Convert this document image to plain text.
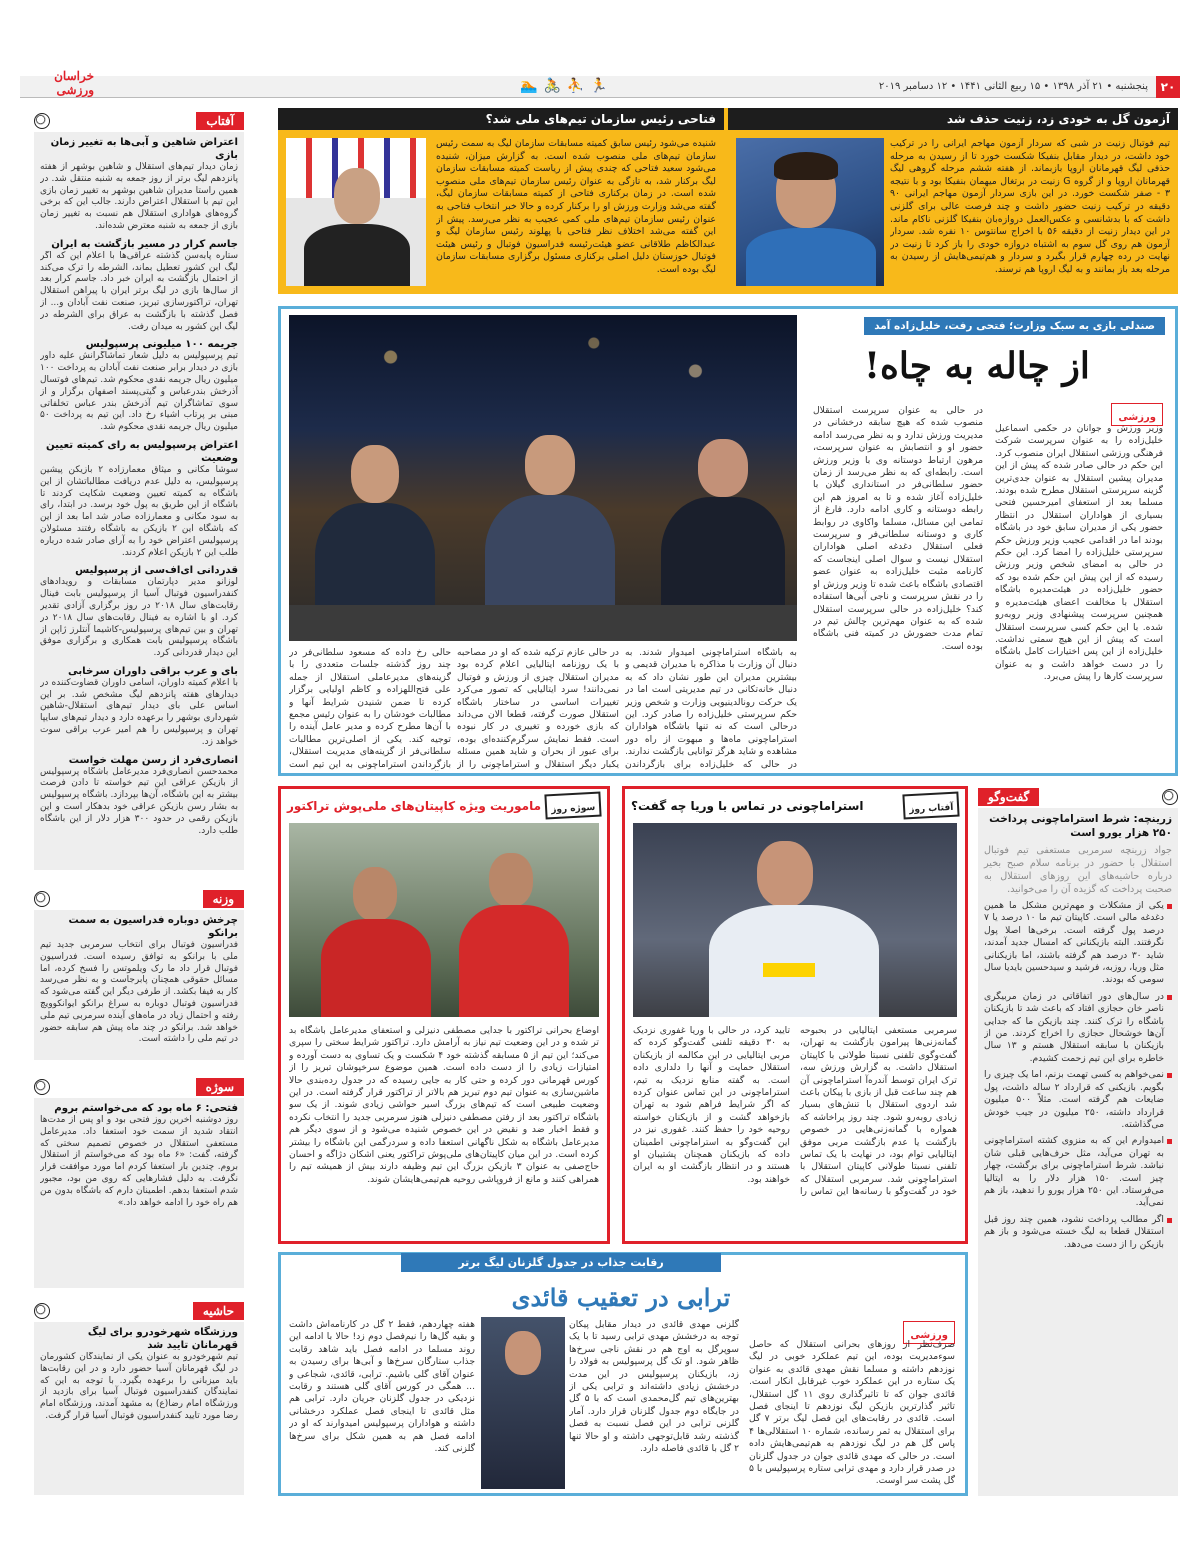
۲۰
پنجشنبه • ۲۱ آذر ۱۳۹۸ • ۱۵ ربیع الثانی ۱۴۴۱ • ۱۲ دسامبر ۲۰۱۹
🏃
⛹
🚴
🏊
خراسان ورزشی
آفتاب
اعتراض شاهین و آبی‌ها به تغییر زمان بازی
زمان دیدار تیم‌های استقلال و شاهین بوشهر از هفته پانزدهم لیگ برتر از روز جمعه به شنبه منتقل شد. در همین راستا مدیران شاهین بوشهر به تغییر زمان بازی این تیم با استقلال اعتراض دارند. جالب این که برخی گروه‌های هواداری استقلال هم نسبت به تغییر زمان بازی از جمعه به شنبه معترض شده‌اند.
جاسم کرار در مسیر بازگشت به ایران
ستاره پابه‌سن گذشته عراقی‌ها با اعلام این که اگر لیگ این کشور تعطیل بماند، الشرطه را ترک می‌کند از احتمال بازگشت به ایران خبر داد. جاسم کرار بعد از سال‌ها بازی در لیگ برتر ایران با پیراهن استقلال تهران، تراکتورسازی تبریز، صنعت نفت آبادان و... از فصل گذشته با بازگشت به عراق برای الشرطه در لیگ این کشور به میدان رفت.
جریمه ۱۰۰ میلیونی پرسپولیس
تیم پرسپولیس به دلیل شعار تماشاگرانش علیه داور بازی در دیدار برابر صنعت نفت آبادان به پرداخت ۱۰۰ میلیون ریال جریمه نقدی محکوم شد. تیم‌های فوتسال آذرخش بندرعباس و گیتی‌پسند اصفهان برگزار و از سوی تماشاگران تیم آذرخش بندر عباس تخلفاتی مبنی بر پرتاب اشیاء رخ داد. این تیم به پرداخت ۵۰ میلیون ریال جریمه نقدی محکوم شد.
اعتراض پرسپولیس به رای کمیته تعیین وضعیت
سوشا مکانی و میثاق معمارزاده ۲ بازیکن پیشین پرسپولیس، به دلیل عدم دریافت مطالباتشان از این باشگاه به کمیته تعیین وضعیت شکایت کردند تا باشگاه از این طریق به پول خود برسد. در ابتدا، رای به سود مکانی و معمارزاده صادر شد اما بعد از این که باشگاه این ۲ بازیکن به باشگاه رفتند مسئولان پرسپولیس اعتراض خود را به آرای صادر شده درباره طلب این ۲ بازیکن اعلام کردند.
قدردانی ای‌اف‌سی از پرسپولیس
لوزانو مدیر دپارتمان مسابقات و رویدادهای کنفدراسیون فوتبال آسیا از پرسپولیس بابت فینال رقابت‌های سال ۲۰۱۸ در روز برگزاری آزادی تقدیر کرد. او با اشاره به فینال رقابت‌های سال ۲۰۱۸ در تهران و بین تیم‌های پرسپولیس-کاشیما آنتلرز ژاپن از باشگاه پرسپولیس بابت همکاری و برگزاری موفق این دیدار قدردانی کرد.
بای و عرب براقی داوران سرخابی
با اعلام کمیته داوران، اسامی داوران قضاوت‌کننده در دیدارهای هفته پانزدهم لیگ مشخص شد. بر این اساس علی بای دیدار تیم‌های استقلال-شاهین شهرداری بوشهر را برعهده دارد و دیدار تیم‌های سایپا تهران و پرسپولیس را هم امیر عرب براقی سوت خواهد زد.
انصاری‌فرد از رسن مهلت خواست
محمدحسن انصاری‌فرد مدیرعامل باشگاه پرسپولیس از بازیکن عراقی این تیم خواسته تا دادن فرصت بیشتر به این باشگاه، آن‌ها بپردازد. باشگاه پرسپولیس به بشار رسن بازیکن عراقی خود بدهکار است و این بازیکن رقمی در حدود ۳۰۰ هزار دلار از این باشگاه طلب دارد.
وزنه
چرخش دوباره فدراسیون به سمت برانکو
فدراسیون فوتبال برای انتخاب سرمربی جدید تیم ملی با برانکو به توافق رسیده است. فدراسیون فوتبال قرار داد ما رک ویلموتس را فسخ کرده، اما مسائل حقوقی همچنان پابرجاست و به نظر می‌رسد کار به فیفا بکشد. از طرفی دیگر این گفته می‌شود که فدراسیون فوتبال دوباره به سراغ برانکو ایوانکوویچ رفته و احتمال زیاد در ماه‌های آینده سرمربی تیم ملی خواهد شد. برانکو در چند ماه پیش هم سابقه حضور در تیم ملی را داشته است.
سوژه
فتحی: ۶ ماه بود که می‌خواستم بروم
روز دوشنبه آخرین روز فتحی بود و او پس از مدت‌ها انتقاد شدید از سمت خود استعفا داد. مدیرعامل مستعفی استقلال در خصوص تصمیم سختی که گرفته، گفت: «۶ ماه بود که می‌خواستم از استقلال بروم. چندین بار استعفا کردم اما مورد موافقت قرار نگرفت. به دلیل فشارهایی که روی من بود، مجبور شدم استعفا بدهم. اطمینان دارم که باشگاه بدون من هم راه خود را ادامه خواهد داد.»
حاشیه
ورزشگاه شهرخودرو برای لیگ قهرمانان تایید شد
تیم شهرخودرو به عنوان یکی از نمایندگان کشورمان در لیگ قهرمانان آسیا حضور دارد و در این رقابت‌ها باید میزبانی را برعهده بگیرد. با توجه به این که نمایندگان کنفدراسیون فوتبال آسیا برای بازدید از ورزشگاه امام رضا(ع) به مشهد آمدند، ورزشگاه امام رضا مورد تایید کنفدراسیون فوتبال آسیا قرار گرفت.
آزمون گل به خودی زد، زنیت حذف شد
تیم فوتبال زنیت در شبی که سردار آزمون مهاجم ایرانی را در ترکیب خود داشت، در دیدار مقابل بنفیکا شکست خورد تا از رسیدن به مرحله حذفی لیگ قهرمانان اروپا بازبماند. از هفته ششم مرحله گروهی لیگ قهرمانان اروپا و از گروه G زنیت در برتغال میهمان بنفیکا بود و با نتیجه ۳ - صفر شکست خورد. در این بازی سردار آزمون مهاجم ایرانی ۹۰ دقیقه در ترکیب زنیت حضور داشت و چند فرصت عالی برای گلزنی داشت که با بدشانسی و عکس‌العمل دروازه‌بان بنفیکا گلزنی ناکام ماند. در این دیدار زنیت از دقیقه ۵۶ با اخراج سانتوس ۱۰ نفره شد. سردار آزمون هم روی گل سوم به اشتباه دروازه خودی را باز کرد تا زنیت در نهایت در رده چهارم قرار بگیرد و سردار و هم‌تیمی‌هایش از رسیدن به مرحله بعد باز بمانند و به لیگ اروپا هم نرسند.
فتاحی رئیس سازمان تیم‌های ملی شد؟
شنیده می‌شود رئیس سابق کمیته مسابقات سازمان لیگ به سمت رئیس سازمان تیم‌های ملی منصوب شده است. به گزارش میزان، شنیده می‌شود سعید فتاحی که چندی پیش از ریاست کمیته مسابقات سازمان لیگ برکنار شد، به تازگی به عنوان رئیس سازمان تیم‌های ملی منصوب شده است. در زمان برکناری فتاحی از کمیته مسابقات سازمان لیگ، گفته می‌شد وزارت ورزش او را برکنار کرده و حالا خبر انتخاب فتاحی به عنوان رئیس سازمان تیم‌های ملی کمی عجیب به نظر می‌رسد. پیش از این گفته می‌شد اختلاف نظر فتاحی با پهلوند رئیس سازمان لیگ و عبدالکاظم طلاقانی عضو هیئت‌رئیسه فدراسیون فوتبال و رئیس هیئت فوتبال خوزستان دلیل اصلی برکناری مسئول برگزاری مسابقات سازمان لیگ بوده است.
صندلی بازی به سبک وزارت؛ فتحی رفت، خلیل‌زاده آمد
از چاله به چاه!
ورزشی
وزیر ورزش و جوانان در حکمی اسماعیل خلیل‌زاده را به عنوان سرپرست شرکت فرهنگی ورزشی استقلال ایران منصوب کرد. این حکم در حالی صادر شده که پیش از این مدیران پیشین استقلال به عنوان جدی‌ترین گزینه سرپرستی استقلال مطرح شده بودند. مسلما بعد از استعفای امیرحسین فتحی بسیاری از هواداران استقلال در انتظار حضور یکی از مدیران سابق خود در باشگاه بودند اما در اقدامی عجیب وزیر ورزش حکم سرپرستی خلیل‌زاده را امضا کرد. این حکم در حالی به امضای شخص وزیر ورزش رسیده که از این پیش این حکم شده بود که حضور خلیل‌زاده در هیئت‌مدیره باشگاه استقلال با مخالفت اعضای هیئت‌مدیره و همچنین سرپرست پیشنهادی وزیر روبه‌رو شده. با این حکم کسی سرپرست استقلال است که پیش از این هیچ سمتی نداشت. خلیل‌زاده از این پس اختیارات کامل باشگاه را در دست خواهد داشت و به عنوان سرپرست کارها را پیش می‌برد.
در حالی به عنوان سرپرست استقلال منصوب شده که هیچ سابقه درخشانی در مدیریت ورزش ندارد و به نظر می‌رسد ادامه حضور او و انتصابش به عنوان سرپرست، مرهون ارتباط دوستانه وی با وزیر ورزش است. رابطه‌ای که به نظر می‌رسد از زمان حضور سلطانی‌فر در استانداری گیلان با خلیل‌زاده آغاز شده و تا به امروز هم این رابطه دوستانه و کاری ادامه دارد. فارغ از تمامی این مسائل، مسلما واکاوی در روابط کاری و دوستانه سلطانی‌فر و سرپرست فعلی استقلال دغدغه اصلی هواداران استقلال نیست و سوال اصلی اینجاست که کارنامه مثبت خلیل‌زاده به عنوان عضو اقتصادی باشگاه باعث شده تا وزیر ورزش او را در نقش سرپرست و ناجی آبی‌ها استفاده کند؟ خلیل‌زاده در حالی سرپرست استقلال شده که به عنوان مهم‌ترین چالش تیم در تمام مدت حضورش در کمیته فنی باشگاه بوده است.
به باشگاه استراماچونی امیدوار شدند. به دنبال آن وزارت با مذاکره با مدیران قدیمی و بیشترین مدیران این طور نشان داد که به دنبال خانه‌تکانی در تیم مدیریتی است اما در یک حرکت رونالدینیویی وزارت و شخص وزیر حکم سرپرستی خلیل‌زاده را صادر کرد. این درحالی است که نه تنها باشگاه هواداران استراماچونی ماه‌ها و مبهوت از راه دور مشاهده و شاید هرگز توانایی بازگشت ندارند. در حالی که خلیل‌زاده برای بازگرداندن
در حالی عازم ترکیه شده که او در مصاحبه با یک روزنامه ایتالیایی اعلام کرده بود مدیران استقلال چیزی از ورزش و فوتبال نمی‌دانند! سرد ایتالیایی که تصور می‌کرد تغییرات اساسی در ساختار باشگاه استقلال صورت گرفته، قطعا الان می‌داند که بازی خورده و تغییری در کار نبوده است. فقط نمایش سرگرم‌کننده‌ای بوده، برای عبور از بحران و شاید همین مسئله یکبار دیگر استقلال و استراماچونی را از
حالی رخ داده که مسعود سلطانی‌فر در چند روز گذشته جلسات متعددی را با گزینه‌های مدیرعاملی استقلال از جمله علی فتح‌اللهزاده و کاظم اولیایی برگزار کرده تا ضمن شنیدن شرایط آنها و مطالبات خودشان را به عنوان رئیس مجمع با آن‌ها مطرح کرده و مدیر عامل آینده را توجیه کند. یکی از اصلی‌ترین مطالبات سلطانی‌فر از گزینه‌های مدیریت استقلال، بازگرداندن استراماچونی به این تیم است
آفتاب روز
استراماچونی در تماس با وریا چه گفت؟
سرمربی مستعفی ایتالیایی در بحبوحه گمانه‌زنی‌ها پیرامون بازگشت به تهران، گفت‌وگوی تلفنی نسبتا طولانی با کاپیتان استقلال داشت. به گزارش ورزش سه، ترک ایران توسط آندره‌آ استراماچونی آن هم چند ساعت قبل از بازی با پیکان باعث شد اردوی استقلال با تنش‌های بسیار زیادی روبه‌رو شود. چند روز پراخاشه که همواره با گمانه‌زنی‌هایی در خصوص بازگشت یا عدم بازگشت مربی موفق ایتالیایی توام بود، در نهایت با یک تماس تلفنی نسبتا طولانی کاپیتان استقلال با استراماچونی شد. سرمربی استقلال که خود در گفت‌وگو با رسانه‌ها این تماس را تایید کرد، در حالی با وریا غفوری نزدیک به ۳۰ دقیقه تلفنی گفت‌وگو کرده که مربی ایتالیایی در این مکالمه از بازیکنان استقلال حمایت و آنها را دلداری داده است. به گفته منابع نزدیک به تیم، استراماچونی در این تماس عنوان کرده که اگر شرایط فراهم شود به تهران بازخواهد گشت و از بازیکنان خواسته روحیه خود را حفظ کنند. غفوری نیز در این گفت‌وگو به استراماچونی اطمینان داده که بازیکنان همچنان پشتیبان او هستند و در انتظار بازگشت او به ایران خواهند بود.
سوژه روز
ماموریت ویژه کاپیتان‌های ملی‌پوش تراکتور
اوضاع بحرانی تراکتور با جدایی مصطفی دنیزلی و استعفای مدیرعامل باشگاه بد تر شده و در این وضعیت تیم نیاز به آرامش دارد. تراکتور شرایط سختی را سپری می‌کند؛ این تیم از ۵ مسابقه گذشته خود ۴ شکست و یک تساوی به دست آورده و امتیازات زیادی را از دست داده است. همین موضوع سرخپوشان تبریز را از کورس قهرمانی دور کرده و حتی کار به جایی رسیده که در جدول رده‌بندی حالا ماشین‌سازی به عنوان تیم دوم تبریز هم بالاتر از تراکتور قرار گرفته است. در این وضعیت طبیعی است که تیم‌های بزرگ اسیر حواشی زیادی شوند. از یک سو باشگاه تراکتور بعد از رفتن مصطفی دنیزلی هنوز سرمربی جدید را انتخاب نکرده و فقط اخبار ضد و نقیض در این خصوص شنیده می‌شود و از سوی دیگر هم مدیرعامل باشگاه به شکل ناگهانی استعفا داده و سردرگمی این باشگاه را بیشتر کرده است. در این میان کاپیتان‌های ملی‌پوش تراکتور یعنی اشکان دژاگه و احسان حاج‌صفی به عنوان ۳ بازیکن بزرگ این تیم وظیفه دارند بیش از همیشه تیم را همراهی کنند و مانع از فروپاشی روحیه هم‌تیمی‌هایشان شوند.
رقابت جذاب در جدول گلزنان لیگ برتر
ترابی در تعقیب قائدی
ورزشی
صرف‌نظر از روزهای بحرانی استقلال که حاصل سوءمدیریت بوده، این تیم عملکرد خوبی در لیگ نوزدهم داشته و مسلما نقش مهدی قائدی به عنوان یک ستاره در این عملکرد خوب غیرقابل انکار است. قائدی جوان که تا تاثیرگذاری روی ۱۱ گل استقلال، تاثیر گذارترین بازیکن لیگ نوزدهم تا اینجای فصل است. قائدی در رقابت‌های این فصل لیگ برتر ۷ گل برای استقلال به ثمر رسانده، شماره ۱۰ استقلالی‌ها ۴ پاس گل هم در لیگ نوزدهم به هم‌تیمی‌هایش داده است. در حالی که مهدی قائدی جوان در جدول گلزنان در صدر قرار دارد و مهدی ترابی ستاره پرسپولیس با ۵ گل پشت سر اوست.
گلزنی مهدی قائدی در دیدار مقابل پیکان توجه به درخشش مهدی ترابی رسید تا با یک سوپرگل به اوج هم در نقش ناجی سرخ‌ها ظاهر شود. او تک گل پرسپولیس به فولاد را زد، بازیکنان پرسپولیس در این مدت درخشش زیادی داشته‌اند و ترابی یکی از بهترین‌های تیم گل‌محمدی است که با ۵ گل در جایگاه دوم جدول گلزنان قرار دارد. آمار گلزنی ترابی در این فصل نسبت به فصل گذشته رشد قابل‌توجهی داشته و او حالا تنها ۲ گل با قائدی فاصله دارد.
هفته چهاردهم، فقط ۲ گل در کارنامه‌اش داشت و بقیه گل‌ها را نیم‌فصل دوم زد! حالا با ادامه این روند مسلما در ادامه فصل باید شاهد رقابت جذاب ستارگان سرخ‌ها و آبی‌ها برای رسیدن به عنوان آقای گلی باشیم. ترابی، قائدی، شجاعی و ... همگی در کورس آقای گلی هستند و رقابت نزدیکی در جدول گلزنان جریان دارد. ترابی هم مثل قائدی تا اینجای فصل عملکرد درخشانی داشته و هواداران پرسپولیس امیدوارند که او در ادامه فصل هم به همین شکل برای سرخ‌ها گلزنی کند.
گفت‌وگو
زرینچه: شرط استراماچونی پرداخت ۲۵۰ هزار یورو است
جواد زرینچه سرمربی مستعفی تیم فوتبال استقلال با حضور در برنامه سلام صبح بخیر درباره حاشیه‌های این روزهای استقلال به صحبت پرداخت که گزیده آن را می‌خوانید.
یکی از مشکلات و مهم‌ترین مشکل ما همین دغدغه مالی است. کاپیتان تیم ما ۱۰ درصد یا ۷ درصد پول گرفته است. برخی‌ها اصلا پول نگرفتند. البته بازیکنانی که امسال جدید آمدند، شاید ۳۰ درصد هم گرفته باشند، اما بازیکنانی مثل وریا، روزبه، فرشید و سیدحسین بایدیا سال سومی که بودند.
در سال‌های دور اتفاقاتی در زمان مربیگری ناصر خان حجازی افتاد که باعث شد تا بازیکنان باشگاه را ترک کنند. چند بازیکن ما که جدایی آن‌ها خوشحال حجازی را اخراج کردند. من از بازیکنان با سابقه استقلال هستم و ۱۳ سال خاطره برای این تیم زحمت کشیدم.
نمی‌خواهم به کسی تهمت بزنم، اما یک چیزی را بگویم. بازیکنی که قرارداد ۲ ساله داشت، پول ضایعات هم گرفته است. مثلاً ۵۰۰ میلیون قرارداد داشته، ۲۵۰ میلیون در جیب خودش می‌گذاشته.
امیدوارم این که به منزوی کشته استراماچونی به تهران می‌آید، مثل حرف‌هایی قبلی شان نباشد. شرط استراماچونی برای برگشت، چهار چیز است. ۱۵۰ هزار دلار را به ایتالیا می‌فرستاد. این ۲۵۰ هزار یورو را ندهید، باز هم نمی‌آید.
اگر مطالب پرداخت نشود، همین چند روز قبل استقلال قطعا به لیگ خسته می‌شود و باز هم بازیکن را از دست می‌دهد.
